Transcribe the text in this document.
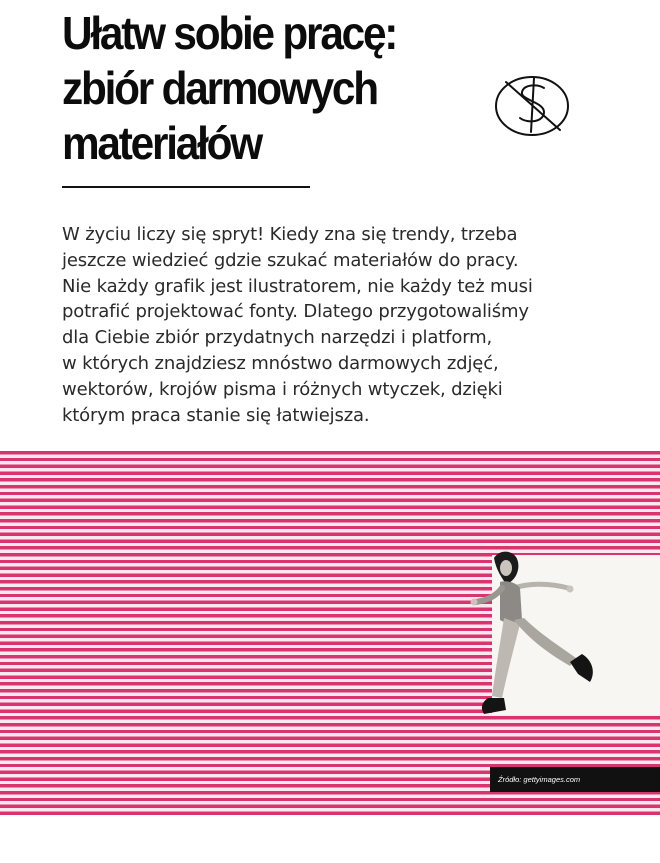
Ułatw sobie pracę:
zbiór darmowych
materiałów

W życiu liczy się spryt! Kiedy zna się trendy, trzeba
jeszcze wiedzieć gdzie szukać materiałów do pracy.
Nie każdy grafik jest ilustratorem, nie każdy też musi
potrafić projektować fonty. Dlatego przygotowaliśmy
dla Ciebie zbiór przydatnych narzędzi i platform,
w których znajdziesz mnóstwo darmowych zdjęć,
wektorów, krojów pisma i różnych wtyczek, dzięki
którym praca stanie się łatwiejsza.

Źródło: gettyimages.com
